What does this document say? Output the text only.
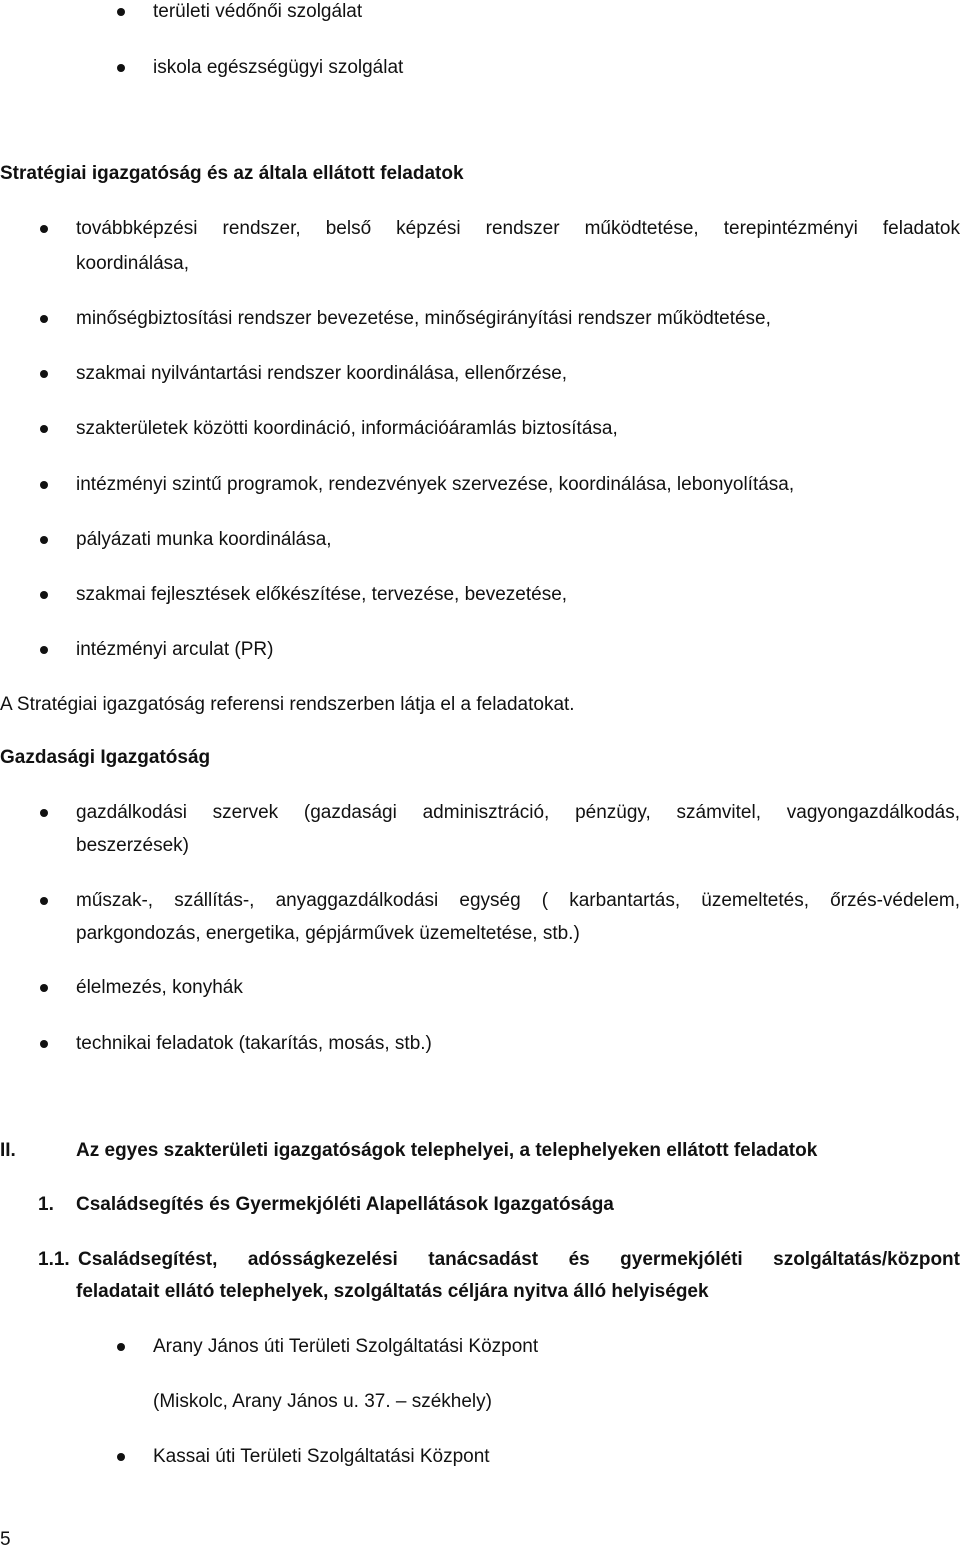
területi védőnői szolgálat
iskola egészségügyi szolgálat
Stratégiai igazgatóság és az általa ellátott feladatok
továbbképzési rendszer, belső képzési rendszer működtetése, terepintézményi feladatok
koordinálása,
minőségbiztosítási rendszer bevezetése, minőségirányítási rendszer működtetése,
szakmai nyilvántartási rendszer koordinálása, ellenőrzése,
szakterületek közötti koordináció, információáramlás biztosítása,
intézményi szintű programok, rendezvények szervezése, koordinálása, lebonyolítása,
pályázati munka koordinálása,
szakmai fejlesztések előkészítése, tervezése, bevezetése,
intézményi arculat (PR)
A Stratégiai igazgatóság referensi rendszerben látja el a feladatokat.
Gazdasági Igazgatóság
gazdálkodási szervek (gazdasági adminisztráció, pénzügy, számvitel, vagyongazdálkodás,
beszerzések)
műszak-, szállítás-, anyaggazdálkodási egység ( karbantartás, üzemeltetés, őrzés-védelem,
parkgondozás, energetika, gépjárművek üzemeltetése, stb.)
élelmezés, konyhák
technikai feladatok (takarítás, mosás, stb.)
II.	Az egyes szakterületi igazgatóságok telephelyei, a telephelyeken ellátott feladatok
1. Családsegítés és Gyermekjóléti Alapellátások Igazgatósága
1.1. Családsegítést, adósságkezelési tanácsadást és gyermekjóléti szolgáltatás/központ
feladatait ellátó telephelyek, szolgáltatás céljára nyitva álló helyiségek
Arany János úti Területi Szolgáltatási Központ
(Miskolc, Arany János u. 37. – székhely)
Kassai úti Területi Szolgáltatási Központ
5
